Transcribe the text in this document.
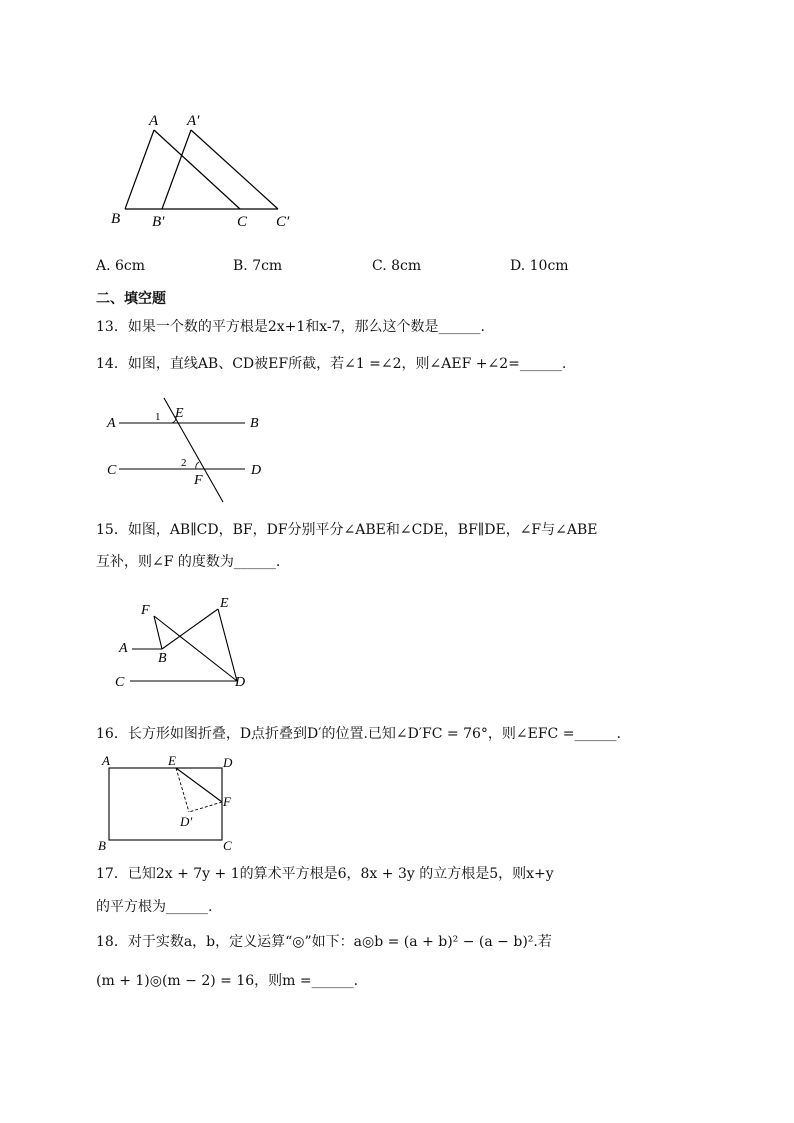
A A′
B B′	C C′
A. 6cm	B. 7cm	C. 8cm	D. 10cm
二、填空题
13．如果一个数的平方根是2x+1和x-7，那么这个数是______.
14．如图，直线AB、CD被EF所截，若∠1 =∠2，则∠AEF +∠2=______.
A	B
C	D
E
F
1
2
15．如图，AB∥CD，BF，DF分别平分∠ABE和∠CDE，BF∥DE，∠F与∠ABE
互补，则∠F 的度数为______.
F	E
A
B
C	D
16．长方形如图折叠，D点折叠到D′的位置.已知∠D′FC = 76°，则∠EFC =______.
A	E	D
F
D′
B	C
17．已知2x + 7y + 1的算术平方根是6，8x + 3y 的立方根是5，则x+y
的平方根为______.
18．对于实数a，b，定义运算“◎”如下：a◎b = (a + b)² − (a − b)².若
(m + 1)◎(m − 2) = 16，则m =______.
